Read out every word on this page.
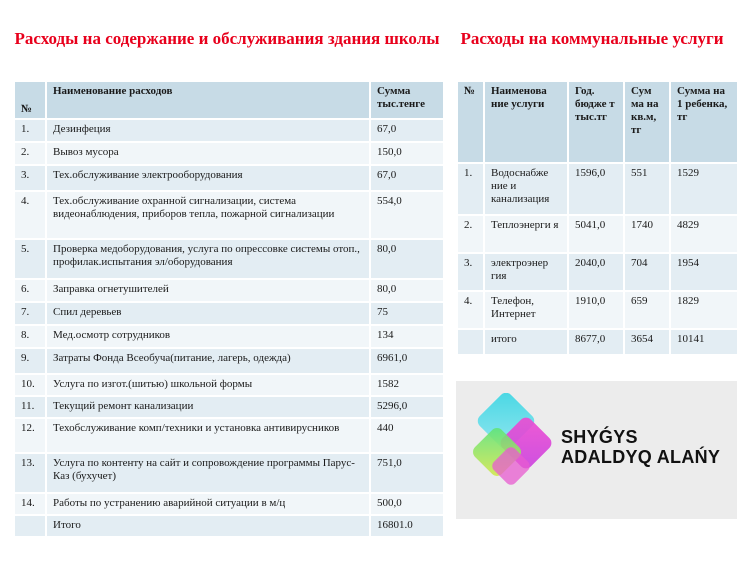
Расходы на содержание и обслуживания здания школы Расходы на коммунальные услуги
№	Наименование расходов	Сумма тыс.тенге
1.	Дезинфеция	67,0
2.	Вывоз мусора	150,0
3.	Тех.обслуживание электрооборудования	67,0
4.	Тех.обслуживание охранной сигнализации, система видеонаблюдения, приборов тепла, пожарной сигнализации	554,0
5.	Проверка медоборудования, услуга по опрессовке системы отоп., профилак.испытания эл/оборудования	80,0
6.	Заправка огнетушителей	80,0
7.	Спил деревьев	75
8.	Мед.осмотр сотрудников	134
9.	Затраты Фонда Всеобуча(питание, лагерь, одежда)	6961,0
10.	Услуга по изгот.(шитью) школьной формы	1582
11.	Текущий ремонт канализации	5296,0
12.	Техобслуживание комп/техники и установка антивирусников	440
13.	Услуга по контенту на сайт и сопровождение программы Парус-Каз (бухучет)	751,0
14.	Работы по устранению аварийной ситуации в м/ц	500,0
	Итого	16801.0
№	Наименова ние услуги	Год. бюдже т тыс.тг	Сум ма на кв.м, тг	Сумма на 1 ребенка, тг
1.	Водоснабже ние и канализация	1596,0	551	1529
2.	Теплоэнерги я	5041,0	1740	4829
3.	электроэнер гия	2040,0	704	1954
4.	Телефон, Интернет	1910,0	659	1829
	итого	8677,0	3654	10141
SHYǴYS
ADALDYQ ALAŃY
